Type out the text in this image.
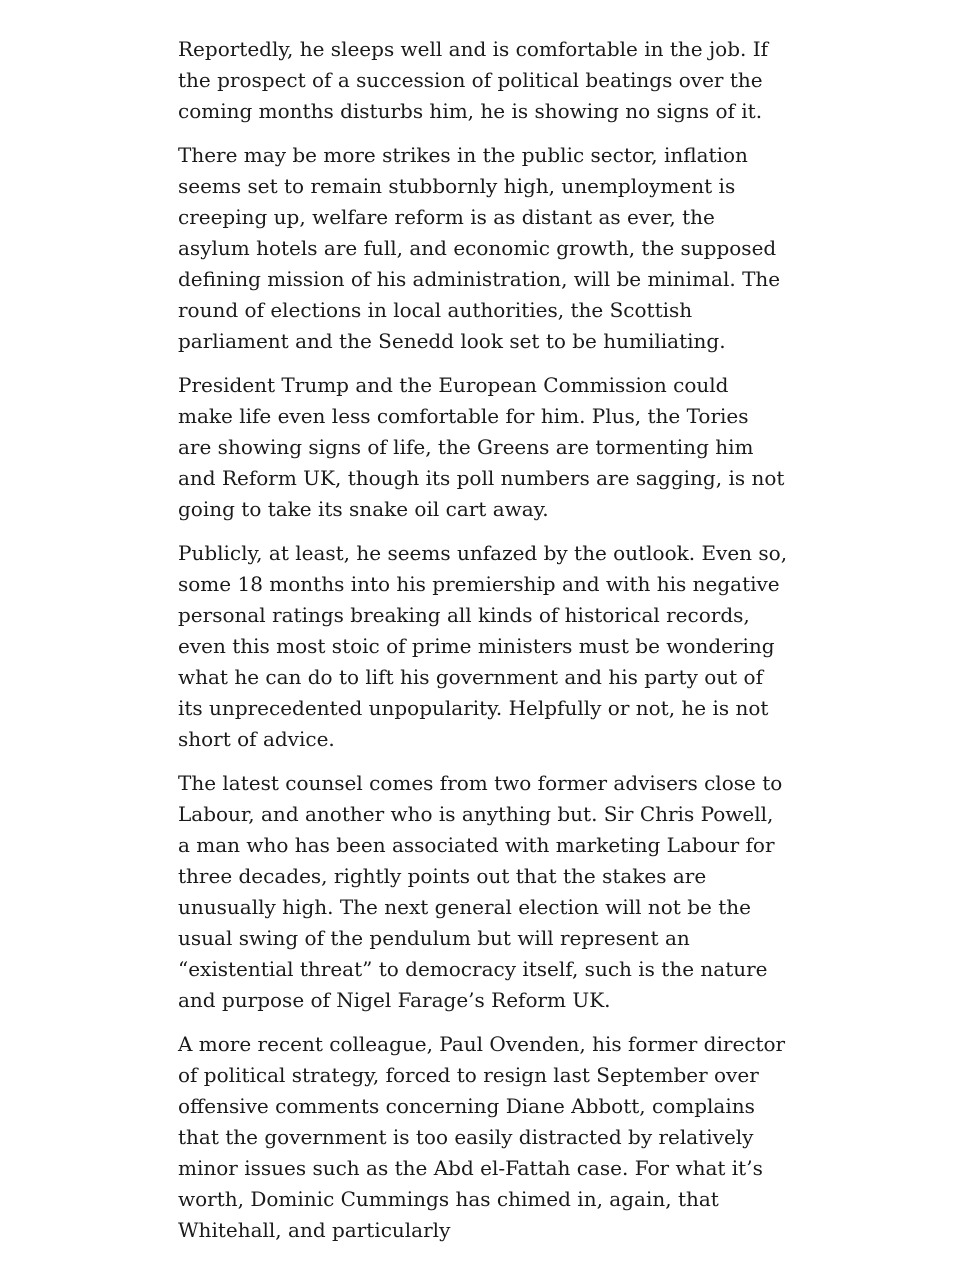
Reportedly, he sleeps well and is comfortable in the job. If the prospect of a succession of political beatings over the coming months disturbs him, he is showing no signs of it.

There may be more strikes in the public sector, inflation seems set to remain stubbornly high, unemployment is creeping up, welfare reform is as distant as ever, the asylum hotels are full, and economic growth, the supposed defining mission of his administration, will be minimal. The round of elections in local authorities, the Scottish parliament and the Senedd look set to be humiliating.

President Trump and the European Commission could make life even less comfortable for him. Plus, the Tories are showing signs of life, the Greens are tormenting him and Reform UK, though its poll numbers are sagging, is not going to take its snake oil cart away.

Publicly, at least, he seems unfazed by the outlook. Even so, some 18 months into his premiership and with his negative personal ratings breaking all kinds of historical records, even this most stoic of prime ministers must be wondering what he can do to lift his government and his party out of its unprecedented unpopularity. Helpfully or not, he is not short of advice.

The latest counsel comes from two former advisers close to Labour, and another who is anything but. Sir Chris Powell, a man who has been associated with marketing Labour for three decades, rightly points out that the stakes are unusually high. The next general election will not be the usual swing of the pendulum but will represent an “existential threat” to democracy itself, such is the nature and purpose of Nigel Farage’s Reform UK.

A more recent colleague, Paul Ovenden, his former director of political strategy, forced to resign last September over offensive comments concerning Diane Abbott, complains that the government is too easily distracted by relatively minor issues such as the Abd el-Fattah case. For what it’s worth, Dominic Cummings has chimed in, again, that Whitehall, and particularly
